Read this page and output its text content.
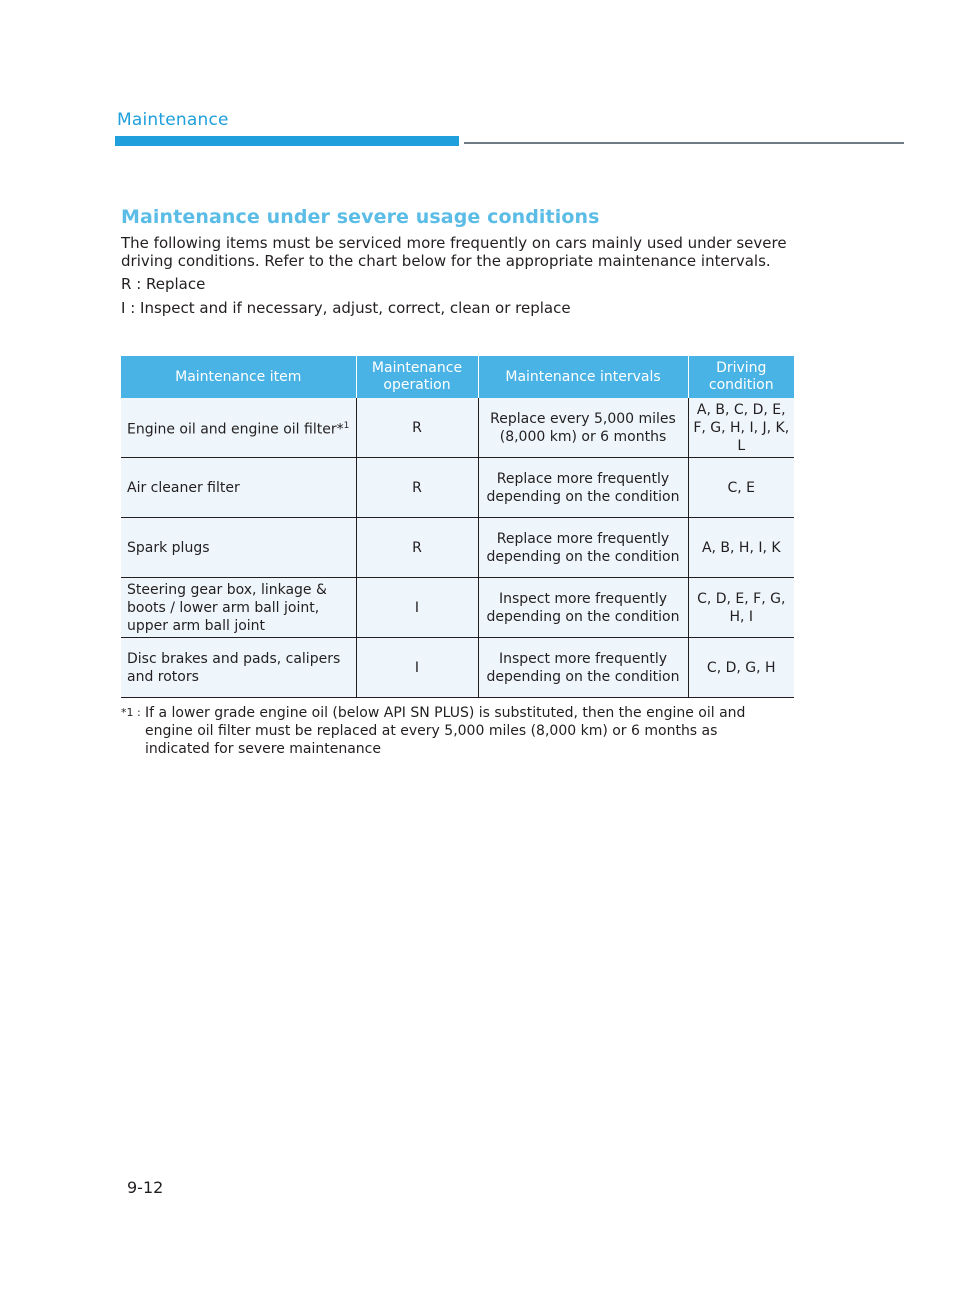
Maintenance
Maintenance under severe usage conditions

The following items must be serviced more frequently on cars mainly used under severe driving conditions. Refer to the chart below for the appropriate maintenance intervals.

R : Replace

I : Inspect and if necessary, adjust, correct, clean or replace

Maintenance item	Maintenance operation	Maintenance intervals	Driving condition
Engine oil and engine oil filter*$^1$	R	Replace every 5,000 miles (8,000 km) or 6 months	A, B, C, D, E, F, G, H, I, J, K, L
Air cleaner filter	R	Replace more frequently depending on the condition	C, E
Spark plugs	R	Replace more frequently depending on the condition	A, B, H, I, K
Steering gear box, linkage & boots / lower arm ball joint, upper arm ball joint	I	Inspect more frequently depending on the condition	C, D, E, F, G, H, I
Disc brakes and pads, calipers and rotors	I	Inspect more frequently depending on the condition	C, D, G, H
*1 : If a lower grade engine oil (below API SN PLUS) is substituted, then the engine oil and engine oil filter must be replaced at every 5,000 miles (8,000 km) or 6 months as indicated for severe maintenance
9-12
